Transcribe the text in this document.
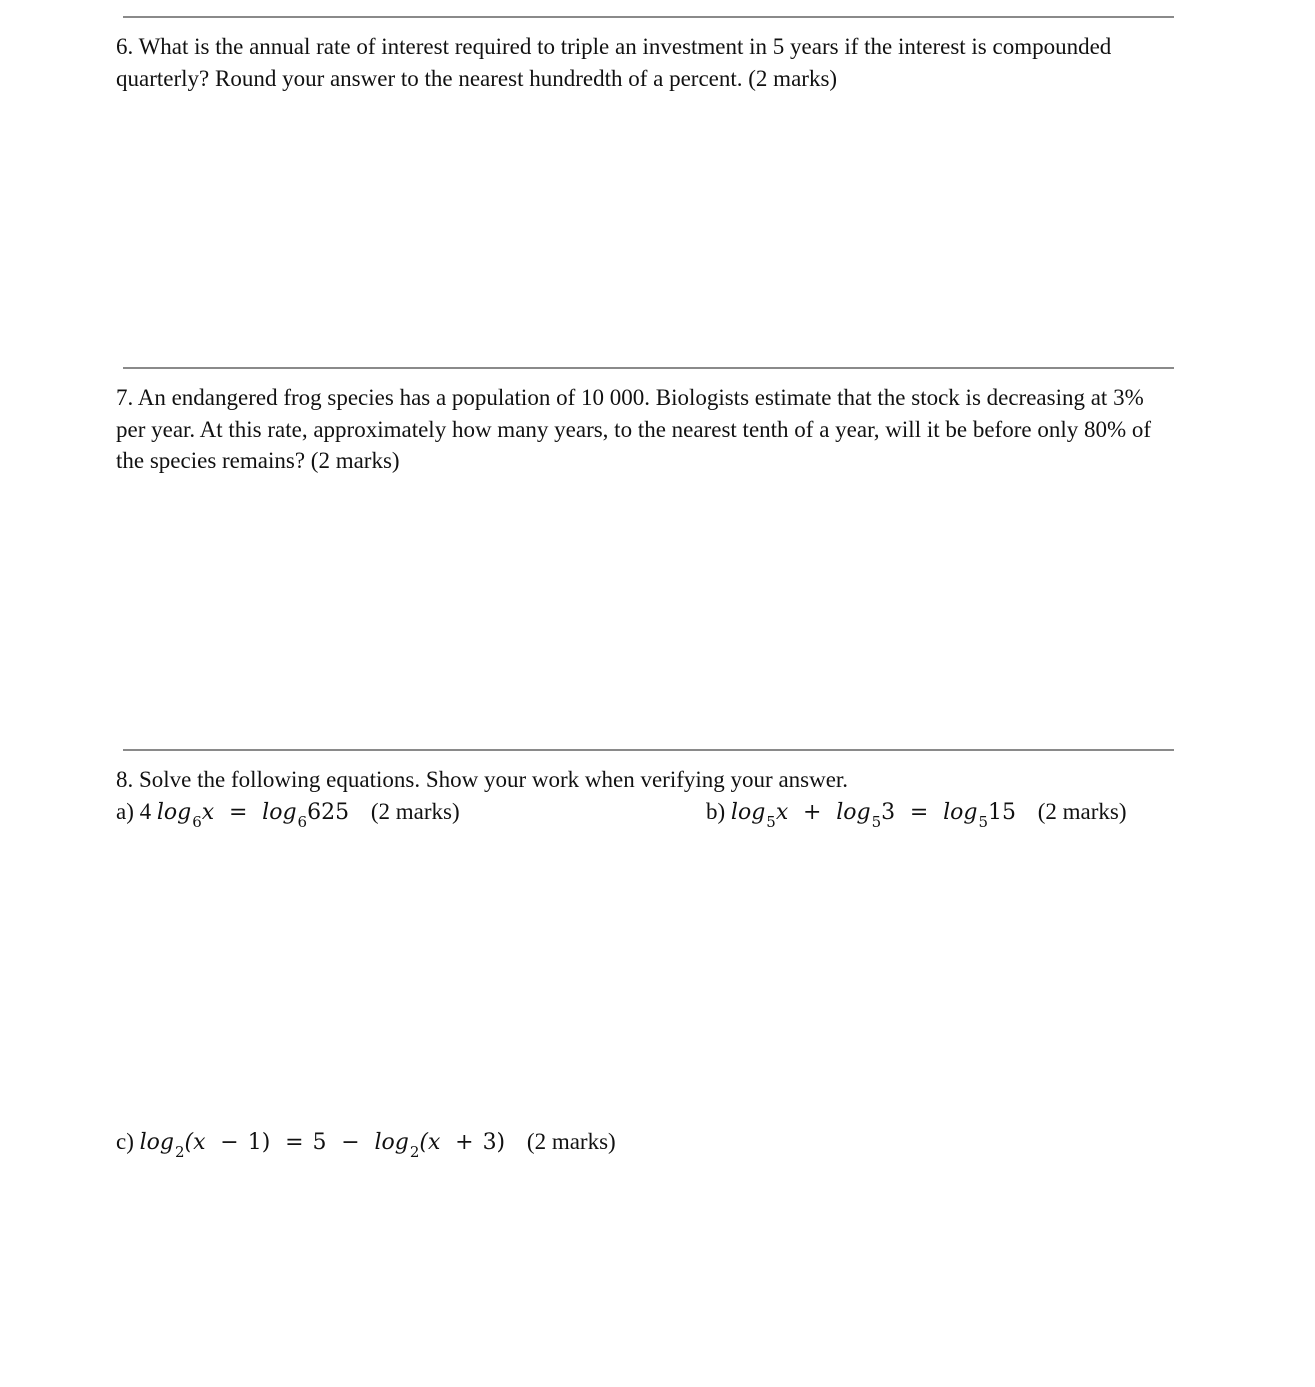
6. What is the annual rate of interest required to triple an investment in 5 years if the interest is compounded quarterly? Round your answer to the nearest hundredth of a percent. (2 marks)

7. An endangered frog species has a population of 10 000. Biologists estimate that the stock is decreasing at 3% per year. At this rate, approximately how many years, to the nearest tenth of a year, will it be before only 80% of the species remains? (2 marks)

8. Solve the following equations. Show your work when verifying your answer.

a) 4 $\log_6x = \log_6625$ (2 marks)	b) $\log_5x + \log_53 = \log_515$ (2 marks)
c) $\log_2(x - 1) = 5 - \log_2(x + 3)$ (2 marks)
